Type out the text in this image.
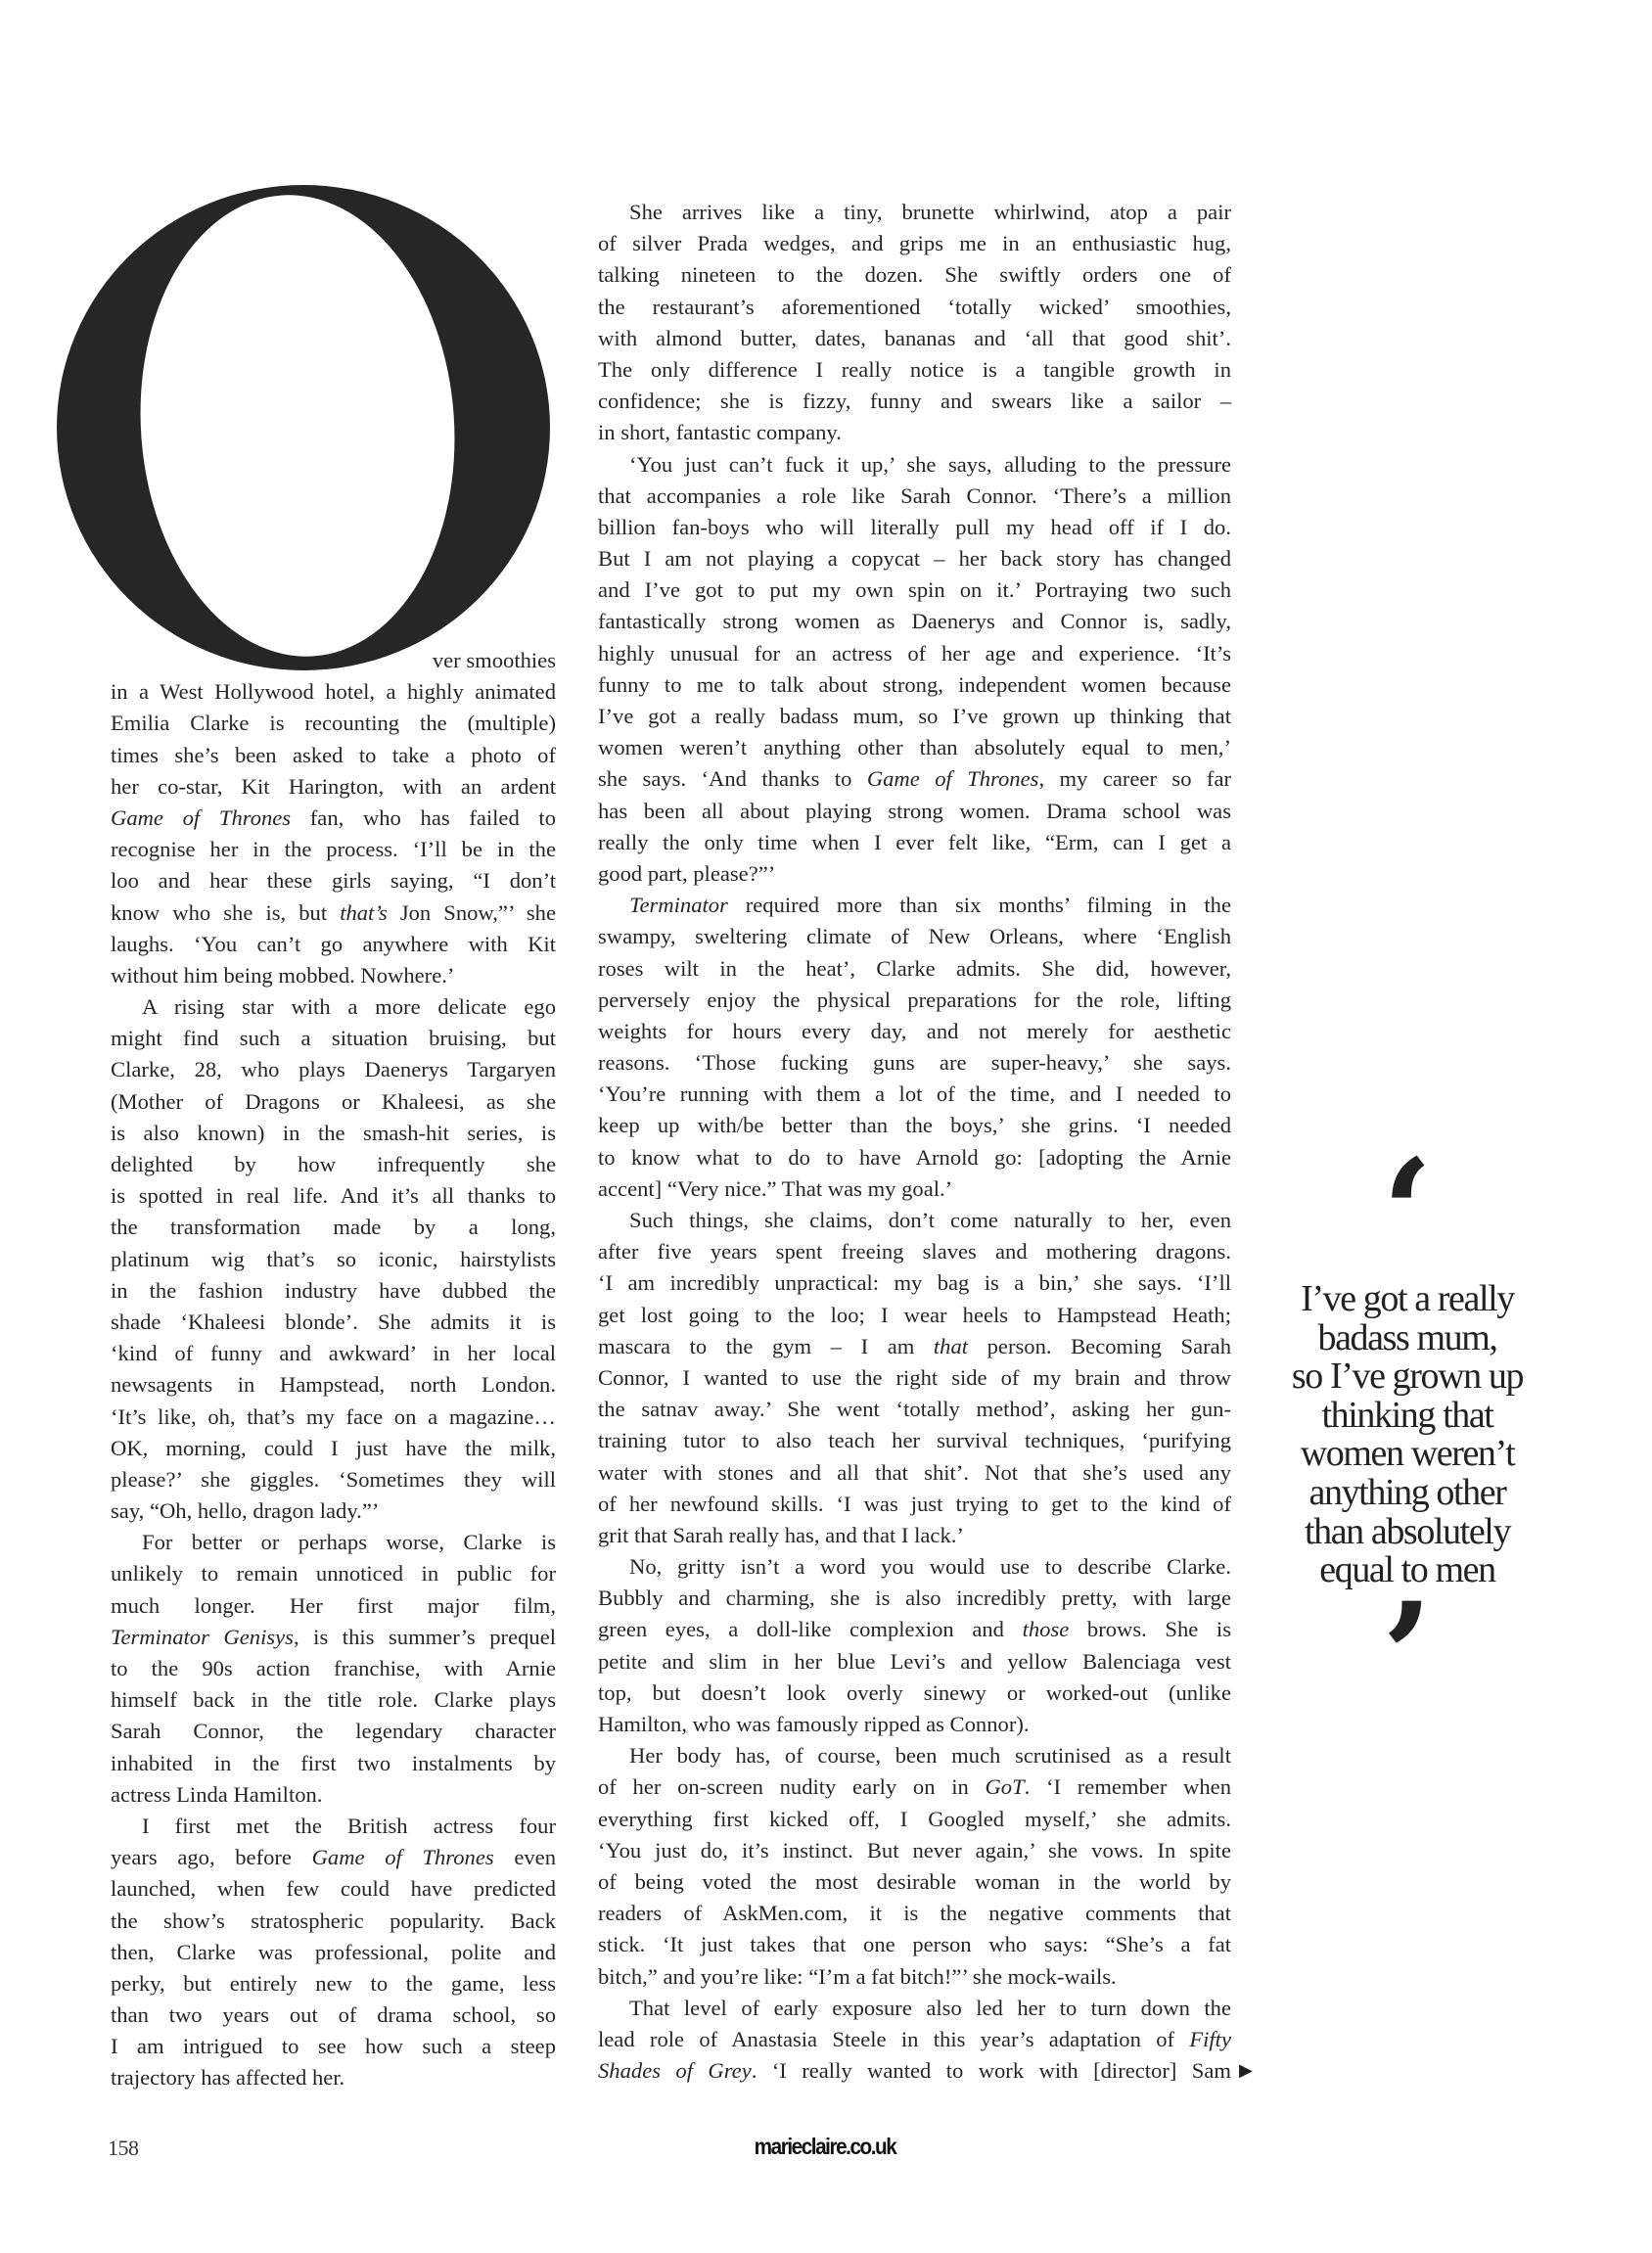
ver smoothies
in a West Hollywood hotel, a highly animated
Emilia Clarke is recounting the (multiple)
times she’s been asked to take a photo of
her co-star, Kit Harington, with an ardent
Game of Thrones fan, who has failed to
recognise her in the process. ‘I’ll be in the
loo and hear these girls saying, “I don’t
know who she is, but that’s Jon Snow,”’ she
laughs. ‘You can’t go anywhere with Kit
without him being mobbed. Nowhere.’
A rising star with a more delicate ego
might find such a situation bruising, but
Clarke, 28, who plays Daenerys Targaryen
(Mother of Dragons or Khaleesi, as she
is also known) in the smash-hit series, is
delighted by how infrequently she
is spotted in real life. And it’s all thanks to
the transformation made by a long,
platinum wig that’s so iconic, hairstylists
in the fashion industry have dubbed the
shade ‘Khaleesi blonde’. She admits it is
‘kind of funny and awkward’ in her local
newsagents in Hampstead, north London.
‘It’s like, oh, that’s my face on a magazine…
OK, morning, could I just have the milk,
please?’ she giggles. ‘Sometimes they will
say, “Oh, hello, dragon lady.”’
For better or perhaps worse, Clarke is
unlikely to remain unnoticed in public for
much longer. Her first major film,
Terminator Genisys, is this summer’s prequel
to the 90s action franchise, with Arnie
himself back in the title role. Clarke plays
Sarah Connor, the legendary character
inhabited in the first two instalments by
actress Linda Hamilton.
I first met the British actress four
years ago, before Game of Thrones even
launched, when few could have predicted
the show’s stratospheric popularity. Back
then, Clarke was professional, polite and
perky, but entirely new to the game, less
than two years out of drama school, so
I am intrigued to see how such a steep
trajectory has affected her.
She arrives like a tiny, brunette whirlwind, atop a pair
of silver Prada wedges, and grips me in an enthusiastic hug,
talking nineteen to the dozen. She swiftly orders one of
the restaurant’s aforementioned ‘totally wicked’ smoothies,
with almond butter, dates, bananas and ‘all that good shit’.
The only difference I really notice is a tangible growth in
confidence; she is fizzy, funny and swears like a sailor –
in short, fantastic company.
‘You just can’t fuck it up,’ she says, alluding to the pressure
that accompanies a role like Sarah Connor. ‘There’s a million
billion fan-boys who will literally pull my head off if I do.
But I am not playing a copycat – her back story has changed
and I’ve got to put my own spin on it.’ Portraying two such
fantastically strong women as Daenerys and Connor is, sadly,
highly unusual for an actress of her age and experience. ‘It’s
funny to me to talk about strong, independent women because
I’ve got a really badass mum, so I’ve grown up thinking that
women weren’t anything other than absolutely equal to men,’
she says. ‘And thanks to Game of Thrones, my career so far
has been all about playing strong women. Drama school was
really the only time when I ever felt like, “Erm, can I get a
good part, please?”’
Terminator required more than six months’ filming in the
swampy, sweltering climate of New Orleans, where ‘English
roses wilt in the heat’, Clarke admits. She did, however,
perversely enjoy the physical preparations for the role, lifting
weights for hours every day, and not merely for aesthetic
reasons. ‘Those fucking guns are super-heavy,’ she says.
‘You’re running with them a lot of the time, and I needed to
keep up with/be better than the boys,’ she grins. ‘I needed
to know what to do to have Arnold go: [adopting the Arnie
accent] “Very nice.” That was my goal.’
Such things, she claims, don’t come naturally to her, even
after five years spent freeing slaves and mothering dragons.
‘I am incredibly unpractical: my bag is a bin,’ she says. ‘I’ll
get lost going to the loo; I wear heels to Hampstead Heath;
mascara to the gym – I am that person. Becoming Sarah
Connor, I wanted to use the right side of my brain and throw
the satnav away.’ She went ‘totally method’, asking her gun-
training tutor to also teach her survival techniques, ‘purifying
water with stones and all that shit’. Not that she’s used any
of her newfound skills. ‘I was just trying to get to the kind of
grit that Sarah really has, and that I lack.’
No, gritty isn’t a word you would use to describe Clarke.
Bubbly and charming, she is also incredibly pretty, with large
green eyes, a doll-like complexion and those brows. She is
petite and slim in her blue Levi’s and yellow Balenciaga vest
top, but doesn’t look overly sinewy or worked-out (unlike
Hamilton, who was famously ripped as Connor).
Her body has, of course, been much scrutinised as a result
of her on-screen nudity early on in GoT. ‘I remember when
everything first kicked off, I Googled myself,’ she admits.
‘You just do, it’s instinct. But never again,’ she vows. In spite
of being voted the most desirable woman in the world by
readers of AskMen.com, it is the negative comments that
stick. ‘It just takes that one person who says: “She’s a fat
bitch,” and you’re like: “I’m a fat bitch!”’ she mock-wails.
That level of early exposure also led her to turn down the
lead role of Anastasia Steele in this year’s adaptation of Fifty
Shades of Grey. ‘I really wanted to work with [director] Sam ▶
‘
I’ve got a really
badass mum,
so I’ve grown up
thinking that
women weren’t
anything other
than absolutely
equal to men
’
158	marieclaire.co.uk
